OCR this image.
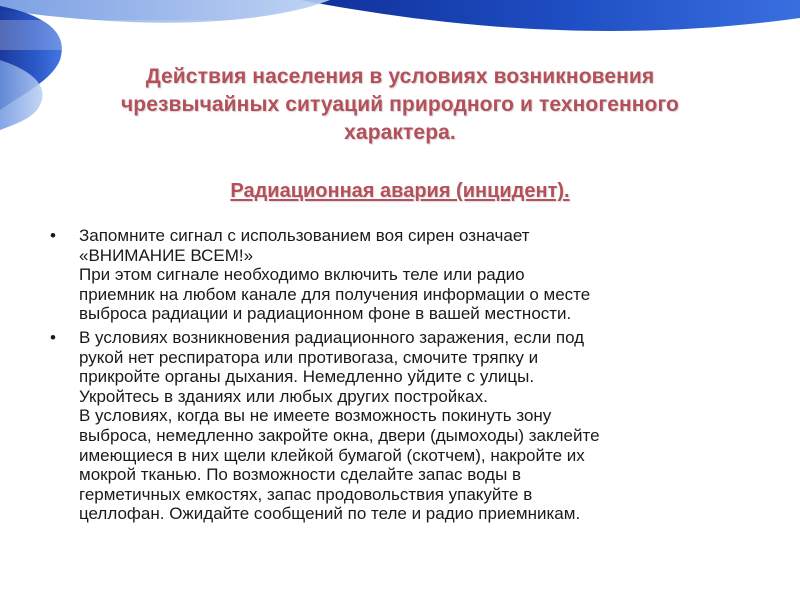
Действия населения в условиях возникновения
чрезвычайных ситуаций природного и техногенного
характера.
Радиационная авария (инцидент).
• Запомните сигнал с использованием воя сирен означает
«ВНИМАНИЕ ВСЕМ!»
При этом сигнале необходимо включить теле или радио
приемник на любом канале для получения информации о месте
выброса радиации и радиационном фоне в вашей местности.
• В условиях возникновения радиационного заражения, если под
рукой нет респиратора или противогаза, смочите тряпку и
прикройте органы дыхания. Немедленно уйдите с улицы.
Укройтесь в зданиях или любых других постройках.
В условиях, когда вы не имеете возможность покинуть зону
выброса, немедленно закройте окна, двери (дымоходы) заклейте
имеющиеся в них щели клейкой бумагой (скотчем), накройте их
мокрой тканью. По возможности сделайте запас воды в
герметичных емкостях, запас продовольствия упакуйте в
целлофан. Ожидайте сообщений по теле и радио приемникам.
